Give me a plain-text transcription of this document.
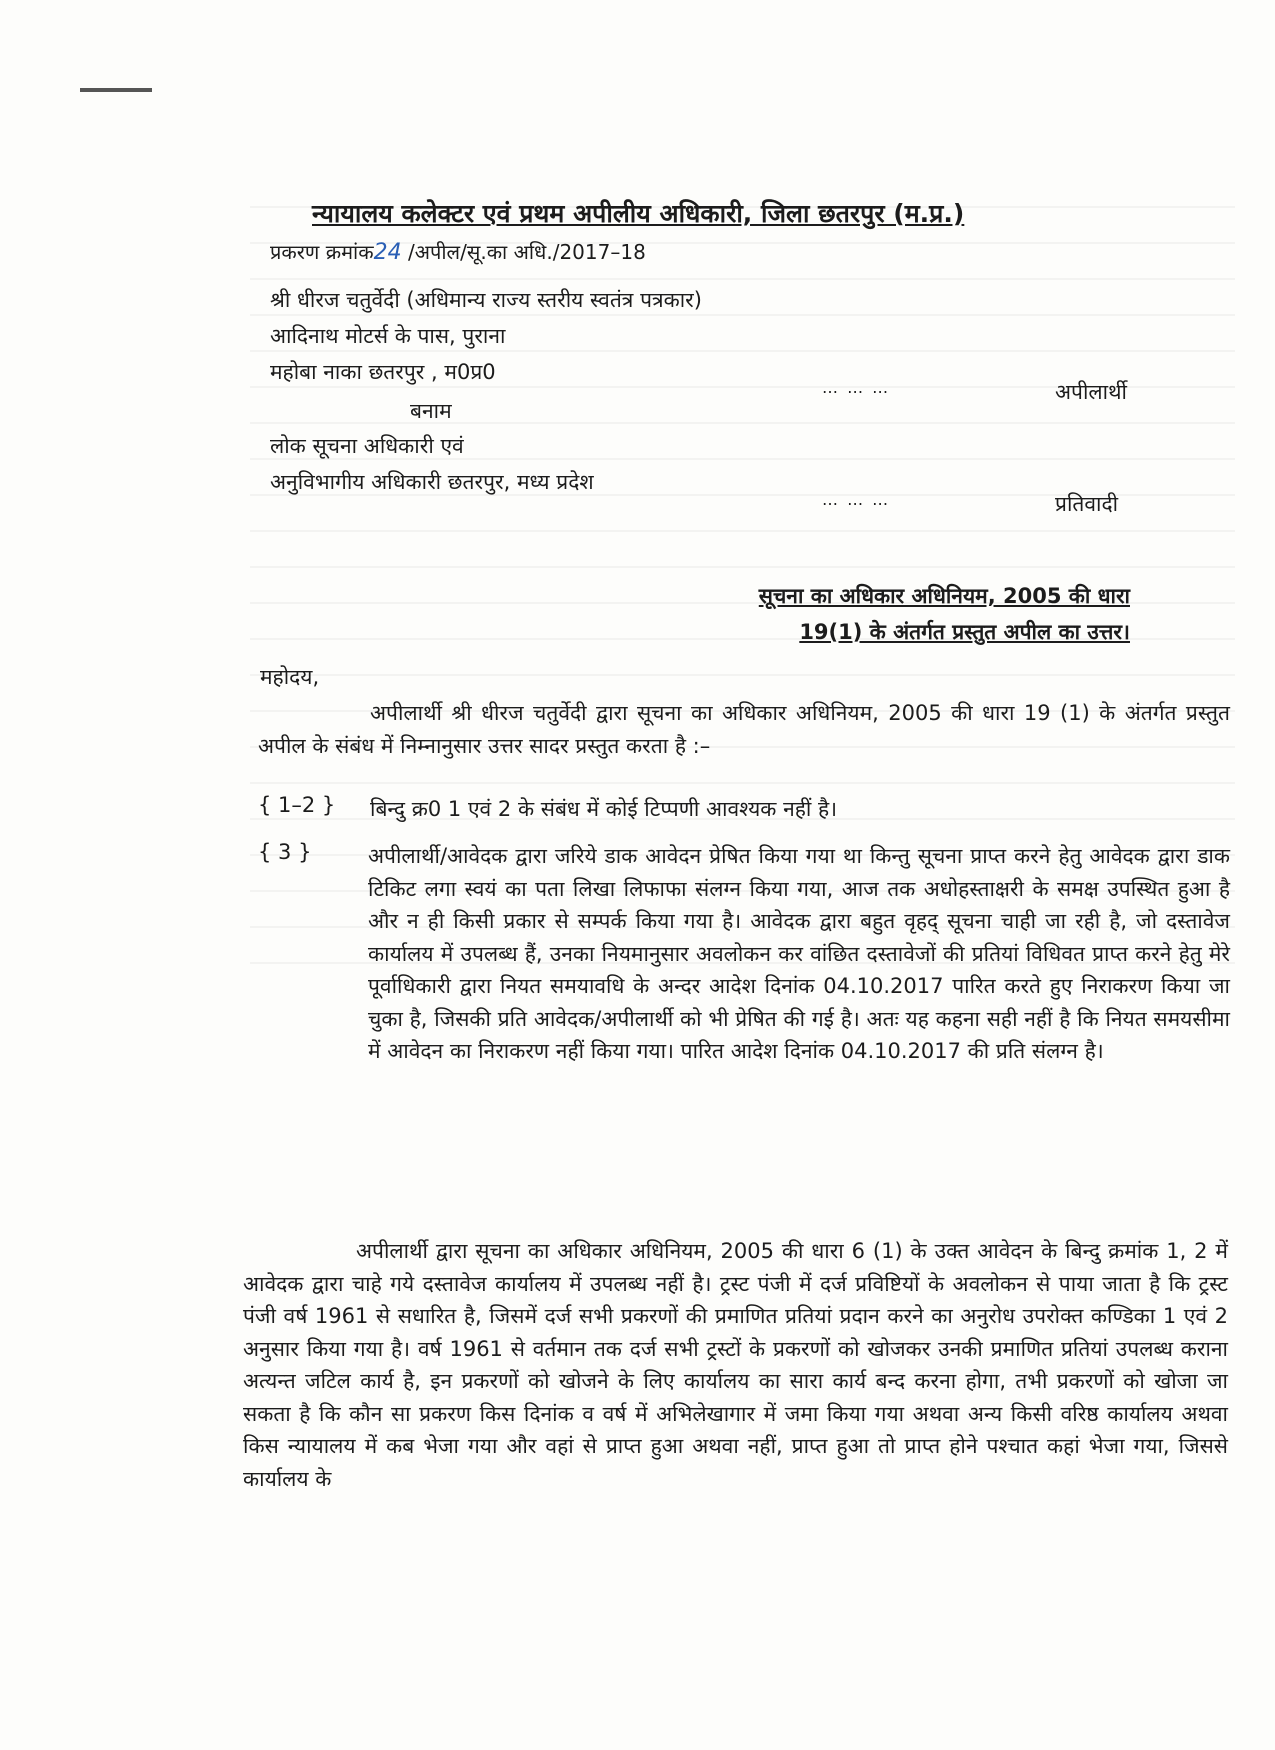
न्यायालय कलेक्टर एवं प्रथम अपीलीय अधिकारी, जिला छतरपुर (म.प्र.)
प्रकरण क्रमांक24 /अपील/सू.का अधि./2017–18
श्री धीरज चतुर्वेदी (अधिमान्य राज्य स्तरीय स्वतंत्र पत्रकार)
आदिनाथ मोटर्स के पास, पुराना
महोबा नाका छतरपुर , म0प्र0
… … …	अपीलार्थी
बनाम
लोक सूचना अधिकारी एवं
अनुविभागीय अधिकारी छतरपुर, मध्य प्रदेश
… … …	प्रतिवादी
सूचना का अधिकार अधिनियम, 2005 की धारा
19(1) के अंतर्गत प्रस्तुत अपील का उत्तर।
महोदय,
अपीलार्थी श्री धीरज चतुर्वेदी द्वारा सूचना का अधिकार अधिनियम, 2005 की धारा 19 (1) के अंतर्गत प्रस्तुत अपील के संबंध में निम्नानुसार उत्तर सादर प्रस्तुत करता है :–
{ 1–2 } बिन्दु क्र0 1 एवं 2 के संबंध में कोई टिप्पणी आवश्यक नहीं है।
{ 3 }	अपीलार्थी/आवेदक द्वारा जरिये डाक आवेदन प्रेषित किया गया था किन्तु सूचना प्राप्त करने हेतु आवेदक द्वारा डाक टिकिट लगा स्वयं का पता लिखा लिफाफा संलग्न किया गया, आज तक अधोहस्ताक्षरी के समक्ष उपस्थित हुआ है और न ही किसी प्रकार से सम्पर्क किया गया है। आवेदक द्वारा बहुत वृहद् सूचना चाही जा रही है, जो दस्तावेज कार्यालय में उपलब्ध हैं, उनका नियमानुसार अवलोकन कर वांछित दस्तावेजों की प्रतियां विधिवत प्राप्त करने हेतु मेरे पूर्वाधिकारी द्वारा नियत समयावधि के अन्दर आदेश दिनांक 04.10.2017 पारित करते हुए निराकरण किया जा चुका है, जिसकी प्रति आवेदक/अपीलार्थी को भी प्रेषित की गई है। अतः यह कहना सही नहीं है कि नियत समयसीमा में आवेदन का निराकरण नहीं किया गया। पारित आदेश दिनांक 04.10.2017 की प्रति संलग्न है।
अपीलार्थी द्वारा सूचना का अधिकार अधिनियम, 2005 की धारा 6 (1) के उक्त आवेदन के बिन्दु क्रमांक 1, 2 में आवेदक द्वारा चाहे गये दस्तावेज कार्यालय में उपलब्ध नहीं है। ट्रस्ट पंजी में दर्ज प्रविष्टियों के अवलोकन से पाया जाता है कि ट्रस्ट पंजी वर्ष 1961 से सधारित है, जिसमें दर्ज सभी प्रकरणों की प्रमाणित प्रतियां प्रदान करने का अनुरोध उपरोक्त कण्डिका 1 एवं 2 अनुसार किया गया है। वर्ष 1961 से वर्तमान तक दर्ज सभी ट्रस्टों के प्रकरणों को खोजकर उनकी प्रमाणित प्रतियां उपलब्ध कराना अत्यन्त जटिल कार्य है, इन प्रकरणों को खोजने के लिए कार्यालय का सारा कार्य बन्द करना होगा, तभी प्रकरणों को खोजा जा सकता है कि कौन सा प्रकरण किस दिनांक व वर्ष में अभिलेखागार में जमा किया गया अथवा अन्य किसी वरिष्ठ कार्यालय अथवा किस न्यायालय में कब भेजा गया और वहां से प्राप्त हुआ अथवा नहीं, प्राप्त हुआ तो प्राप्त होने पश्चात कहां भेजा गया, जिससे कार्यालय के
